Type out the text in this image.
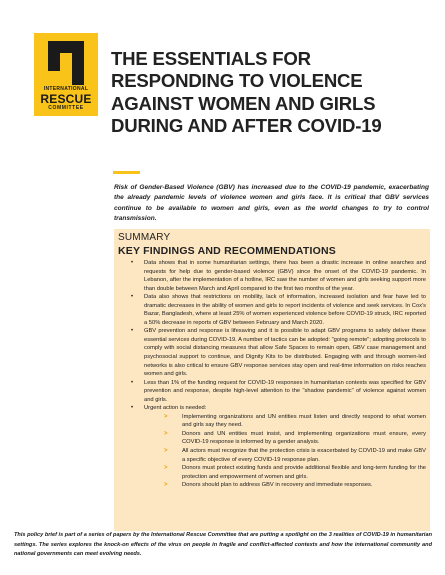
INTERNATIONAL
RESCUE
COMMITTEE
THE ESSENTIALS FOR
RESPONDING TO VIOLENCE
AGAINST WOMEN AND GIRLS
DURING AND AFTER COVID-19

Risk of Gender-Based Violence (GBV) has increased due to the COVID-19 pandemic, exacerbating the already pandemic levels of violence women and girls face. It is critical that GBV services continue to be available to women and girls, even as the world changes to try to control transmission.

SUMMARY

KEY FINDINGS AND RECOMMENDATIONS
• Data shows that in some humanitarian settings, there has been a drastic increase in online searches and requests for help due to gender-based violence (GBV) since the onset of the COVID-19 pandemic. In Lebanon, after the implementation of a hotline, IRC saw the number of women and girls seeking support more than double between March and April compared to the first two months of the year.
• Data also shows that restrictions on mobility, lack of information, increased isolation and fear have led to dramatic decreases in the ability of women and girls to report incidents of violence and seek services. In Cox's Bazar, Bangladesh, where at least 25% of women experienced violence before COVID-19 struck, IRC reported a 50% decrease in reports of GBV between February and March 2020.
• GBV prevention and response is lifesaving and it is possible to adapt GBV programs to safely deliver these essential services during COVID-19. A number of tactics can be adopted: "going remote"; adopting protocols to comply with social distancing measures that allow Safe Spaces to remain open, GBV case management and psychosocial support to continue, and Dignity Kits to be distributed. Engaging with and through women-led networks is also critical to ensure GBV response services stay open and real-time information on risks reaches women and girls.
• Less than 1% of the funding request for COVID-19 responses in humanitarian contexts was specified for GBV prevention and response, despite high-level attention to the "shadow pandemic" of violence against women and girls.
• Urgent action is needed:
>	Implementing organizations and UN entities must listen and directly respond to what women and girls say they need.
>	Donors and UN entities must insist, and implementing organizations must ensure, every COVID-19 response is informed by a gender analysis.
>	All actors must recognize that the protection crisis is exacerbated by COVID-19 and make GBV a specific objective of every COVID-19 response plan.
>	Donors must protect existing funds and provide additional flexible and long-term funding for the protection and empowerment of women and girls.
>	Donors should plan to address GBV in recovery and immediate responses.

This policy brief is part of a series of papers by the International Rescue Committee that are putting a spotlight on the 3 realities of COVID-19 in humanitarian settings. The series explores the knock-on effects of the virus on people in fragile and conflict-affected contexts and how the international community and national governments can meet evolving needs.
